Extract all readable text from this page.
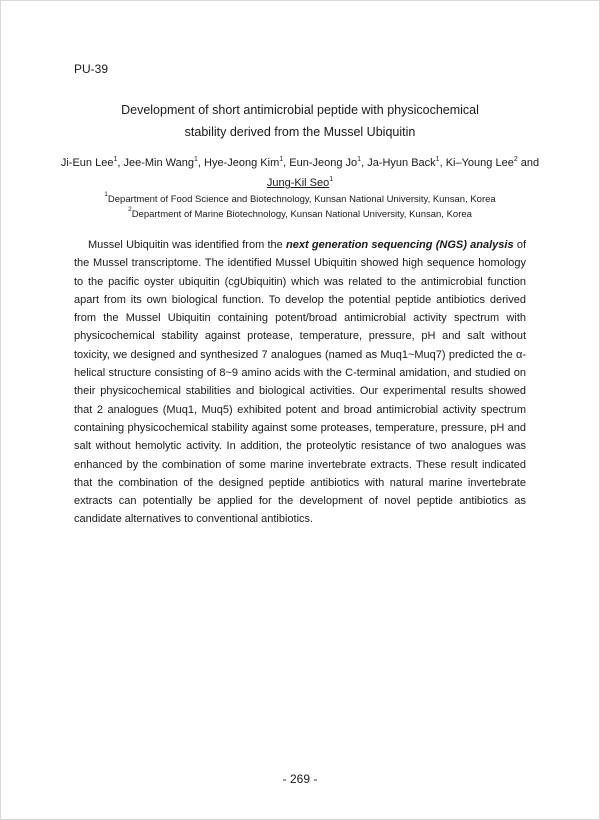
PU-39
Development of short antimicrobial peptide with physicochemical
stability derived from the Mussel Ubiquitin
Ji-Eun Lee$^1$, Jee-Min Wang$^1$, Hye-Jeong Kim$^1$, Eun-Jeong Jo$^1$, Ja-Hyun Back$^1$, Ki–Young Lee$^2$ and
Jung-Kil Seo$^1$
$^1$Department of Food Science and Biotechnology, Kunsan National University, Kunsan, Korea
$^2$Department of Marine Biotechnology, Kunsan National University, Kunsan, Korea

Mussel Ubiquitin was identified from the next generation sequencing (NGS) analysis of the Mussel transcriptome. The identified Mussel Ubiquitin showed high sequence homology to the pacific oyster ubiquitin (cgUbiquitin) which was related to the antimicrobial function apart from its own biological function. To develop the potential peptide antibiotics derived from the Mussel Ubiquitin containing potent/broad antimicrobial activity spectrum with physicochemical stability against protease, temperature, pressure, pH and salt without toxicity, we designed and synthesized 7 analogues (named as Muq1~Muq7) predicted the α-helical structure consisting of 8~9 amino acids with the C-terminal amidation, and studied on their physicochemical stabilities and biological activities. Our experimental results showed that 2 analogues (Muq1, Muq5) exhibited potent and broad antimicrobial activity spectrum containing physicochemical stability against some proteases, temperature, pressure, pH and salt without hemolytic activity. In addition, the proteolytic resistance of two analogues was enhanced by the combination of some marine invertebrate extracts. These result indicated that the combination of the designed peptide antibiotics with natural marine invertebrate extracts can potentially be applied for the development of novel peptide antibiotics as candidate alternatives to conventional antibiotics.

- 269 -
